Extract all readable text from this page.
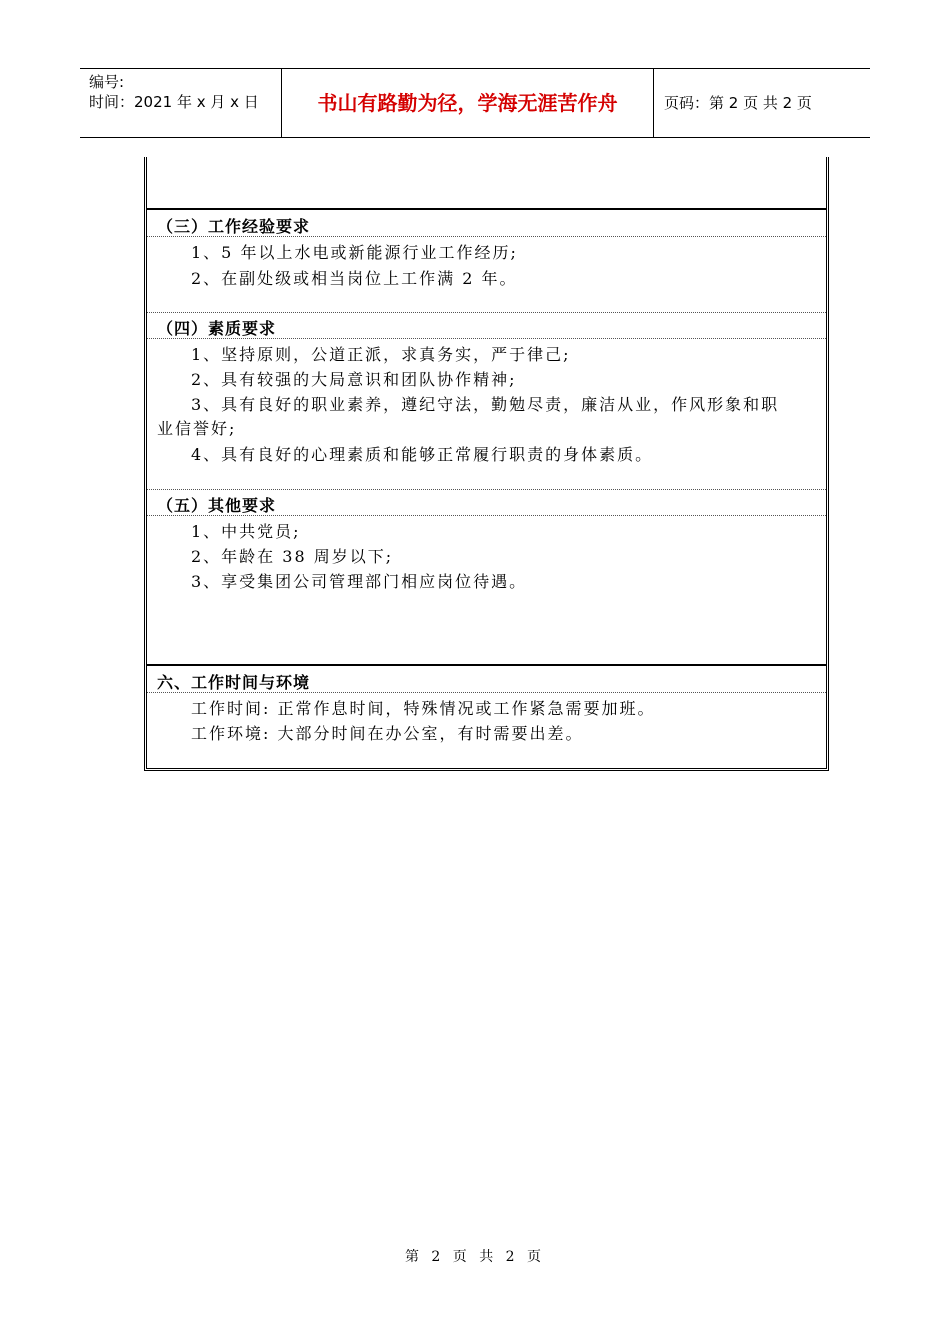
编号:
时间：2021 年 x 月 x 日	书山有路勤为径，学海无涯苦作舟	页码：第 2 页 共 2 页
（三）工作经验要求
1、5 年以上水电或新能源行业工作经历;
2、在副处级或相当岗位上工作满 2 年。
（四）素质要求
1、坚持原则，公道正派，求真务实，严于律己;
2、具有较强的大局意识和团队协作精神;
3、具有良好的职业素养，遵纪守法，勤勉尽责，廉洁从业，作风形象和职
业信誉好;
4、具有良好的心理素质和能够正常履行职责的身体素质。
（五）其他要求
1、中共党员;
2、年龄在 38 周岁以下;
3、享受集团公司管理部门相应岗位待遇。
六、工作时间与环境
工作时间: 正常作息时间，特殊情况或工作紧急需要加班。
工作环境: 大部分时间在办公室，有时需要出差。
第 2 页 共 2 页
